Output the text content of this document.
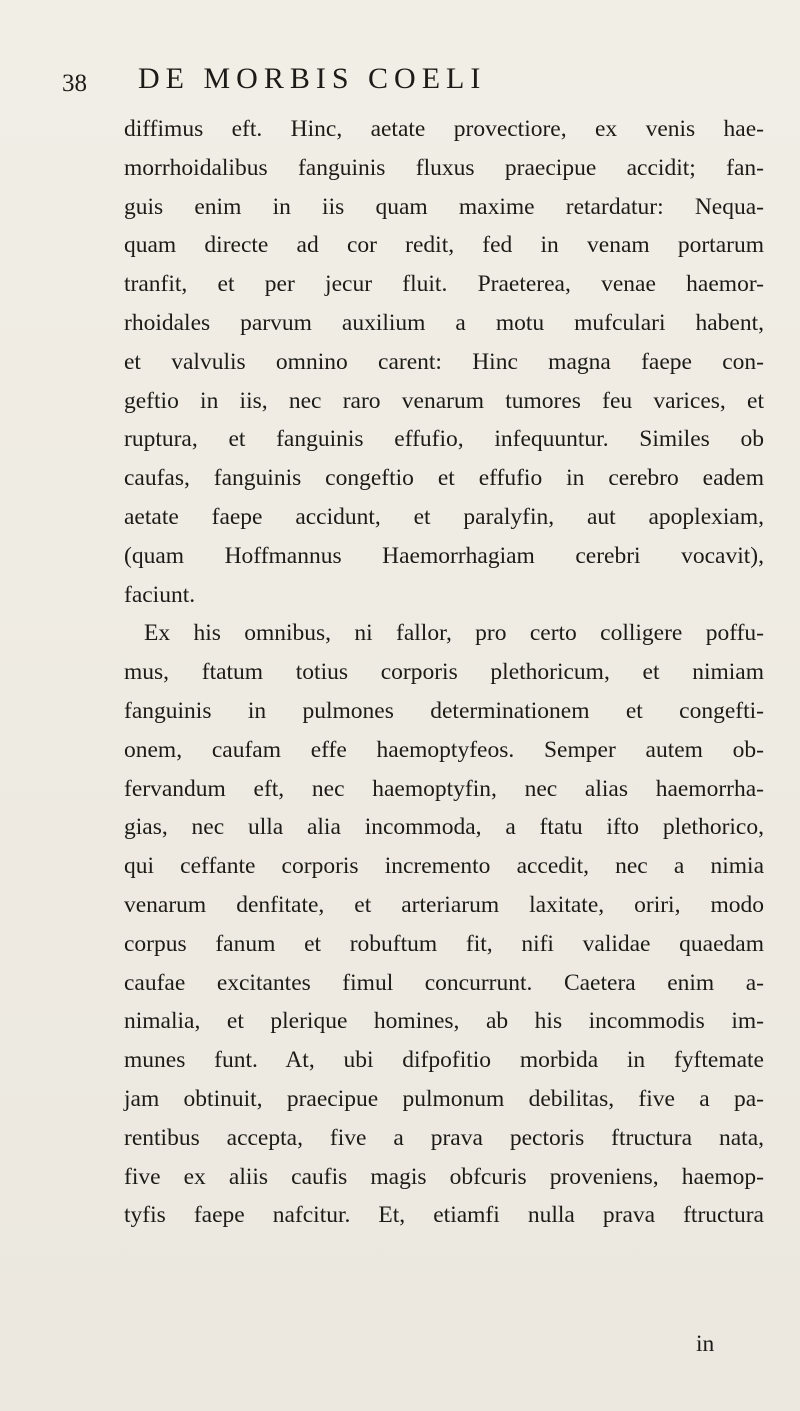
38 DE MORBIS COELI
diffimus eft. Hinc, aetate provectiore, ex venis hae-
morrhoidalibus fanguinis fluxus praecipue accidit; fan-
guis enim in iis quam maxime retardatur: Nequa-
quam directe ad cor redit, fed in venam portarum
tranfit, et per jecur fluit. Praeterea, venae haemor-
rhoidales parvum auxilium a motu mufculari habent,
et valvulis omnino carent: Hinc magna faepe con-
geftio in iis, nec raro venarum tumores feu varices, et
ruptura, et fanguinis effufio, infequuntur. Similes ob
caufas, fanguinis congeftio et effufio in cerebro eadem
aetate faepe accidunt, et paralyfin, aut apoplexiam,
(quam Hoffmannus Haemorrhagiam cerebri vocavit),
faciunt.
Ex his omnibus, ni fallor, pro certo colligere poffu-
mus, ftatum totius corporis plethoricum, et nimiam
fanguinis in pulmones determinationem et congefti-
onem, caufam effe haemoptyfeos. Semper autem ob-
fervandum eft, nec haemoptyfin, nec alias haemorrha-
gias, nec ulla alia incommoda, a ftatu ifto plethorico,
qui ceffante corporis incremento accedit, nec a nimia
venarum denfitate, et arteriarum laxitate, oriri, modo
corpus fanum et robuftum fit, nifi validae quaedam
caufae excitantes fimul concurrunt. Caetera enim a-
nimalia, et plerique homines, ab his incommodis im-
munes funt. At, ubi difpofitio morbida in fyftemate
jam obtinuit, praecipue pulmonum debilitas, five a pa-
rentibus accepta, five a prava pectoris ftructura nata,
five ex aliis caufis magis obfcuris proveniens, haemop-
tyfis faepe nafcitur. Et, etiamfi nulla prava ftructura
in
